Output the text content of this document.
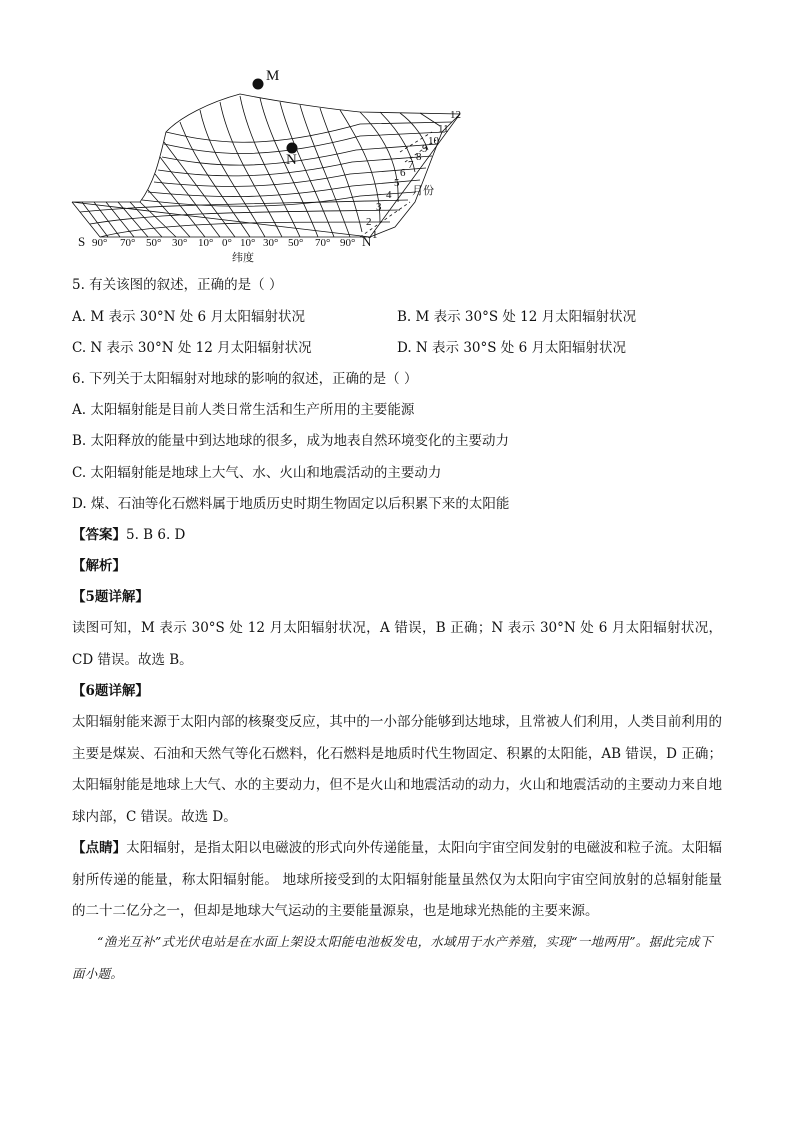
M
N
1
2
3
4
5
6
7
8
9
10
11
12
月份
S 90° 70° 50° 30° 10° 0° 10° 30° 50° 70° 90° N
纬度
5. 有关该图的叙述，正确的是（ ）
A. M 表示 30°N 处 6 月太阳辐射状况	B. M 表示 30°S 处 12 月太阳辐射状况
C. N 表示 30°N 处 12 月太阳辐射状况	D. N 表示 30°S 处 6 月太阳辐射状况
6. 下列关于太阳辐射对地球的影响的叙述，正确的是（ ）
A. 太阳辐射能是目前人类日常生活和生产所用的主要能源
B. 太阳释放的能量中到达地球的很多，成为地表自然环境变化的主要动力
C. 太阳辐射能是地球上大气、水、火山和地震活动的主要动力
D. 煤、石油等化石燃料属于地质历史时期生物固定以后积累下来的太阳能
【答案】5. B 6. D
【解析】
【5题详解】
读图可知，M 表示 30°S 处 12 月太阳辐射状况，A 错误，B 正确；N 表示 30°N 处 6 月太阳辐射状况，CD 错误。故选 B。
【6题详解】
太阳辐射能来源于太阳内部的核聚变反应，其中的一小部分能够到达地球，且常被人们利用，人类目前利用的主要是煤炭、石油和天然气等化石燃料，化石燃料是地质时代生物固定、积累的太阳能，AB 错误，D 正确；太阳辐射能是地球上大气、水的主要动力，但不是火山和地震活动的动力，火山和地震活动的主要动力来自地球内部，C 错误。故选 D。
【点睛】太阳辐射，是指太阳以电磁波的形式向外传递能量，太阳向宇宙空间发射的电磁波和粒子流。太阳辐射所传递的能量，称太阳辐射能。 地球所接受到的太阳辐射能量虽然仅为太阳向宇宙空间放射的总辐射能量的二十二亿分之一，但却是地球大气运动的主要能量源泉，也是地球光热能的主要来源。
“渔光互补”式光伏电站是在水面上架设太阳能电池板发电，水域用于水产养殖，实现“一地两用”。据此完成下面小题。
